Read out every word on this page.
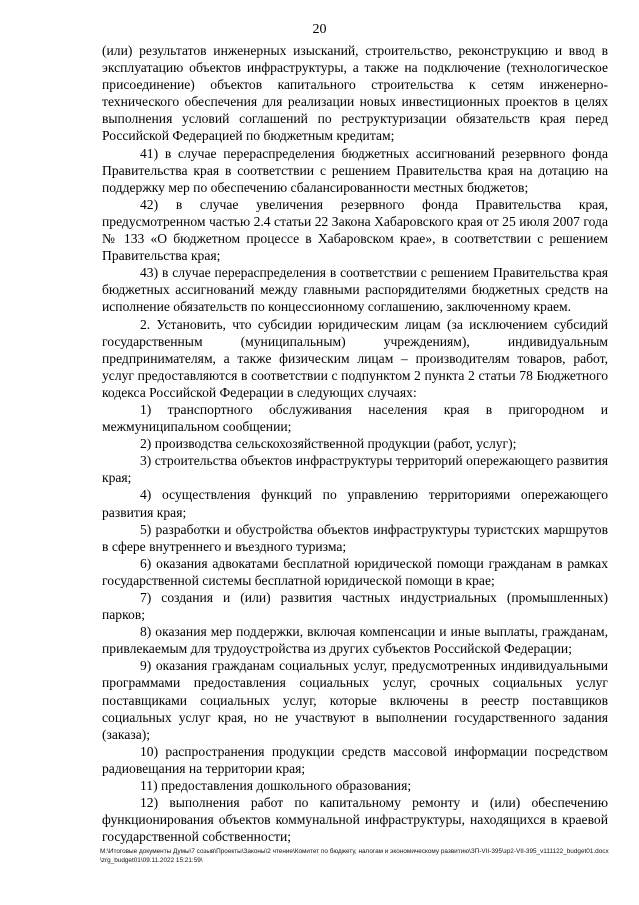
20

(или) результатов инженерных изысканий, строительство, реконструкцию и ввод в эксплуатацию объектов инфраструктуры, а также на подключение (технологическое присоединение) объектов капитального строительства к сетям инженерно-технического обеспечения для реализации новых инвестиционных проектов в целях выполнения условий соглашений по реструктуризации обязательств края перед Российской Федерацией по бюджетным кредитам;

41) в случае перераспределения бюджетных ассигнований резервного фонда Правительства края в соответствии с решением Правительства края на дотацию на поддержку мер по обеспечению сбалансированности местных бюджетов;

42) в случае увеличения резервного фонда Правительства края, предусмотренном частью 2.4 статьи 22 Закона Хабаровского края от 25 июля 2007 года № 133 «О бюджетном процессе в Хабаровском крае», в соответствии с решением Правительства края;

43) в случае перераспределения в соответствии с решением Правительства края бюджетных ассигнований между главными распорядителями бюджетных средств на исполнение обязательств по концессионному соглашению, заключенному краем.

2. Установить, что субсидии юридическим лицам (за исключением субсидий государственным (муниципальным) учреждениям), индивидуальным предпринимателям, а также физическим лицам – производителям товаров, работ, услуг предоставляются в соответствии с подпунктом 2 пункта 2 статьи 78 Бюджетного кодекса Российской Федерации в следующих случаях:

1) транспортного обслуживания населения края в пригородном и межмуниципальном сообщении;

2) производства сельскохозяйственной продукции (работ, услуг);

3) строительства объектов инфраструктуры территорий опережающего развития края;

4) осуществления функций по управлению территориями опережающего развития края;

5) разработки и обустройства объектов инфраструктуры туристских маршрутов в сфере внутреннего и въездного туризма;

6) оказания адвокатами бесплатной юридической помощи гражданам в рамках государственной системы бесплатной юридической помощи в крае;

7) создания и (или) развития частных индустриальных (промышленных) парков;

8) оказания мер поддержки, включая компенсации и иные выплаты, гражданам, привлекаемым для трудоустройства из других субъектов Российской Федерации;

9) оказания гражданам социальных услуг, предусмотренных индивидуальными программами предоставления социальных услуг, срочных социальных услуг поставщиками социальных услуг, которые включены в реестр поставщиков социальных услуг края, но не участвуют в выполнении государственного задания (заказа);

10) распространения продукции средств массовой информации посредством радиовещания на территории края;

11) предоставления дошкольного образования;

12) выполнения работ по капитальному ремонту и (или) обеспечению функционирования объектов коммунальной инфраструктуры, находящихся в краевой государственной собственности;

M:\Итоговые документы Думы\7 созыв\Проекты\Законы\2 чтение\Комитет по бюджету, налогам и экономическому развитию\ЗП-VII-395\зр2-VII-395_v111122_budget01.docx\zrg_budget01\09.11.2022 15:21:59\
